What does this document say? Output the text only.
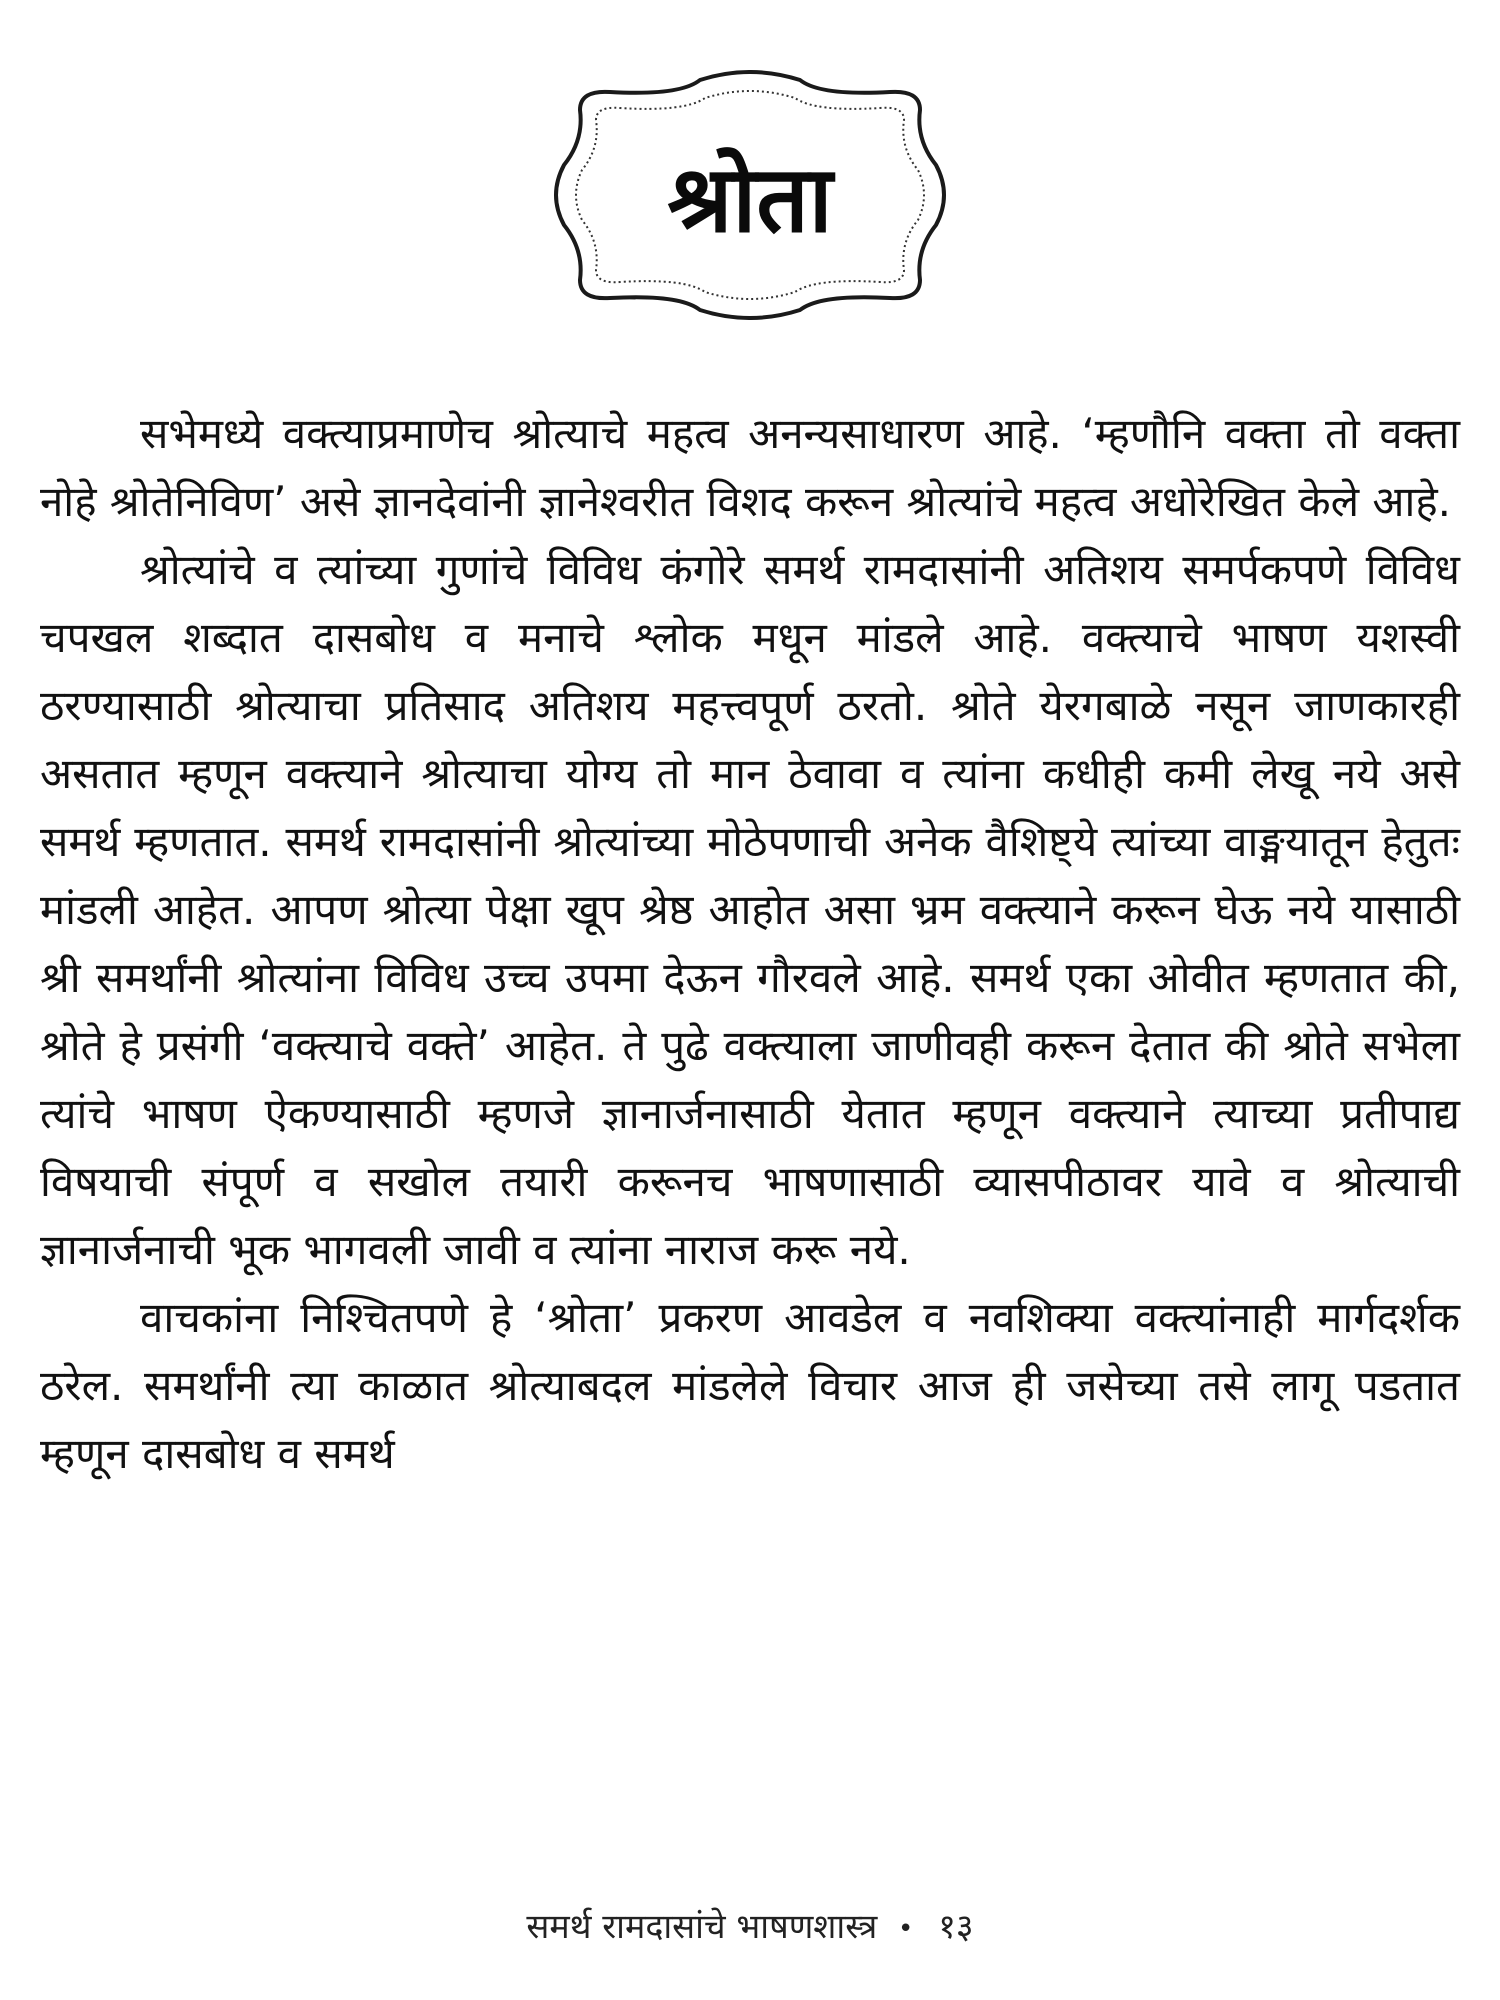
श्रोता

सभेमध्ये वक्त्याप्रमाणेच श्रोत्याचे महत्व अनन्यसाधारण आहे. ‘म्हणौनि वक्ता तो वक्ता नोहे श्रोतेनिविण’ असे ज्ञानदेवांनी ज्ञानेश्वरीत विशद करून श्रोत्यांचे महत्व अधोरेखित केले आहे.

श्रोत्यांचे व त्यांच्या गुणांचे विविध कंगोरे समर्थ रामदासांनी अतिशय समर्पकपणे विविध चपखल शब्दात दासबोध व मनाचे श्लोक मधून मांडले आहे. वक्त्याचे भाषण यशस्वी ठरण्यासाठी श्रोत्याचा प्रतिसाद अतिशय महत्त्वपूर्ण ठरतो. श्रोते येरगबाळे नसून जाणकारही असतात म्हणून वक्त्याने श्रोत्याचा योग्य तो मान ठेवावा व त्यांना कधीही कमी लेखू नये असे समर्थ म्हणतात. समर्थ रामदासांनी श्रोत्यांच्या मोठेपणाची अनेक वैशिष्ट्ये त्यांच्या वाङ्मयातून हेतुतः मांडली आहेत. आपण श्रोत्या पेक्षा खूप श्रेष्ठ आहोत असा भ्रम वक्त्याने करून घेऊ नये यासाठी श्री समर्थांनी श्रोत्यांना विविध उच्च उपमा देऊन गौरवले आहे. समर्थ एका ओवीत म्हणतात की, श्रोते हे प्रसंगी ‘वक्त्याचे वक्ते’ आहेत. ते पुढे वक्त्याला जाणीवही करून देतात की श्रोते सभेला त्यांचे भाषण ऐकण्यासाठी म्हणजे ज्ञानार्जनासाठी येतात म्हणून वक्त्याने त्याच्या प्रतीपाद्य विषयाची संपूर्ण व सखोल तयारी करूनच भाषणासाठी व्यासपीठावर यावे व श्रोत्याची ज्ञानार्जनाची भूक भागवली जावी व त्यांना नाराज करू नये.

वाचकांना निश्चितपणे हे ‘श्रोता’ प्रकरण आवडेल व नवशिक्या वक्त्यांनाही मार्गदर्शक ठरेल. समर्थांनी त्या काळात श्रोत्याबदल मांडलेले विचार आज ही जसेच्या तसे लागू पडतात म्हणून दासबोध व समर्थ

समर्थ रामदासांचे भाषणशास्त्र • १३
